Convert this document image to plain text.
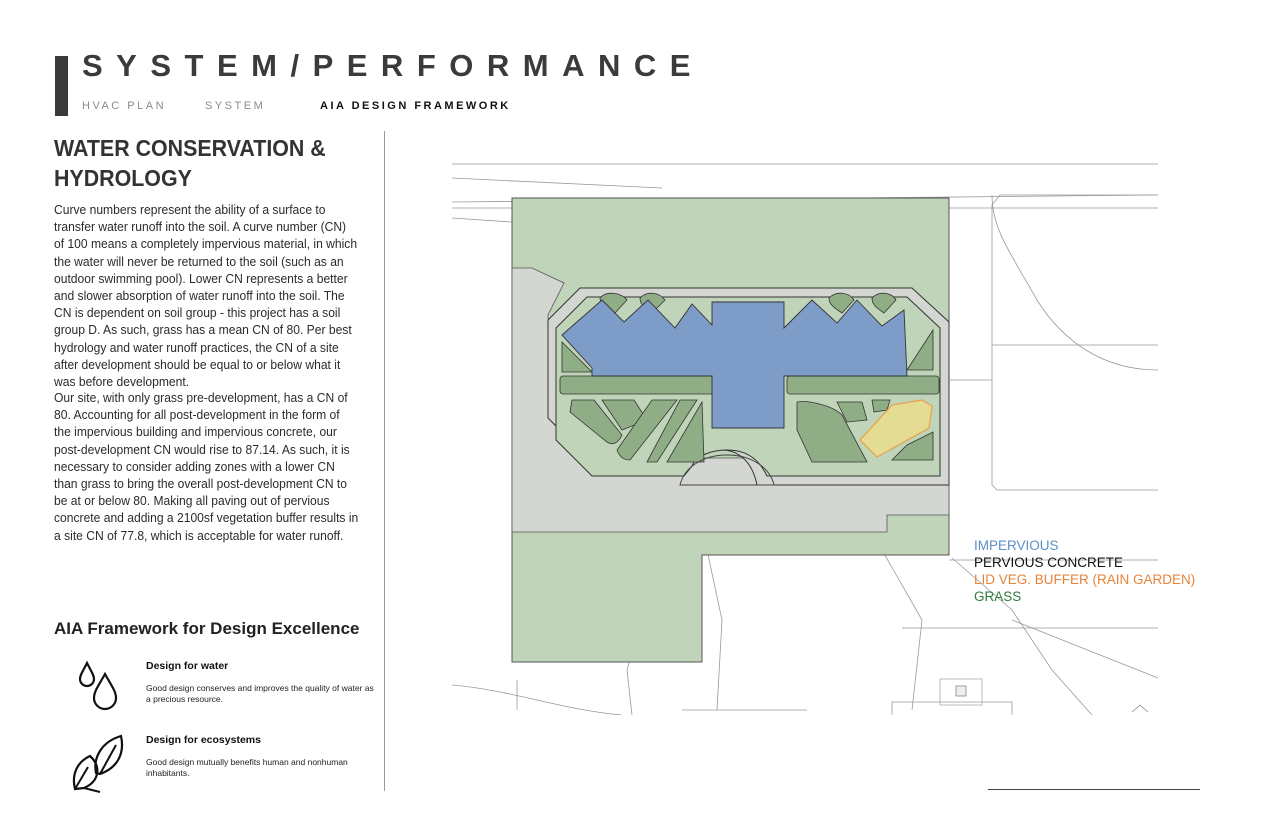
SYSTEM/PERFORMANCE
HVAC PLAN	SYSTEM	AIA DESIGN FRAMEWORK
WATER CONSERVATION & HYDROLOGY

Curve numbers represent the ability of a surface to transfer water runoff into the soil. A curve number (CN) of 100 means a completely impervious material, in which the water will never be returned to the soil (such as an outdoor swimming pool). Lower CN represents a better and slower absorption of water runoff into the soil. The CN is dependent on soil group - this project has a soil group D. As such, grass has a mean CN of 80. Per best hydrology and water runoff practices, the CN of a site after development should be equal to or below what it was before development.

Our site, with only grass pre-development, has a CN of 80. Accounting for all post-development in the form of the impervious building and impervious concrete, our post-development CN would rise to 87.14. As such, it is necessary to consider adding zones with a lower CN than grass to bring the overall post-development CN to be at or below 80. Making all paving out of pervious concrete and adding a 2100sf vegetation buffer results in a site CN of 77.8, which is acceptable for water runoff.

AIA Framework for Design Excellence
Design for water
Good design conserves and improves the quality of water as a precious resource.
Design for ecosystems
Good design mutually benefits human and nonhuman inhabitants.
IMPERVIOUS
PERVIOUS CONCRETE
LID VEG. BUFFER (RAIN GARDEN)
GRASS
